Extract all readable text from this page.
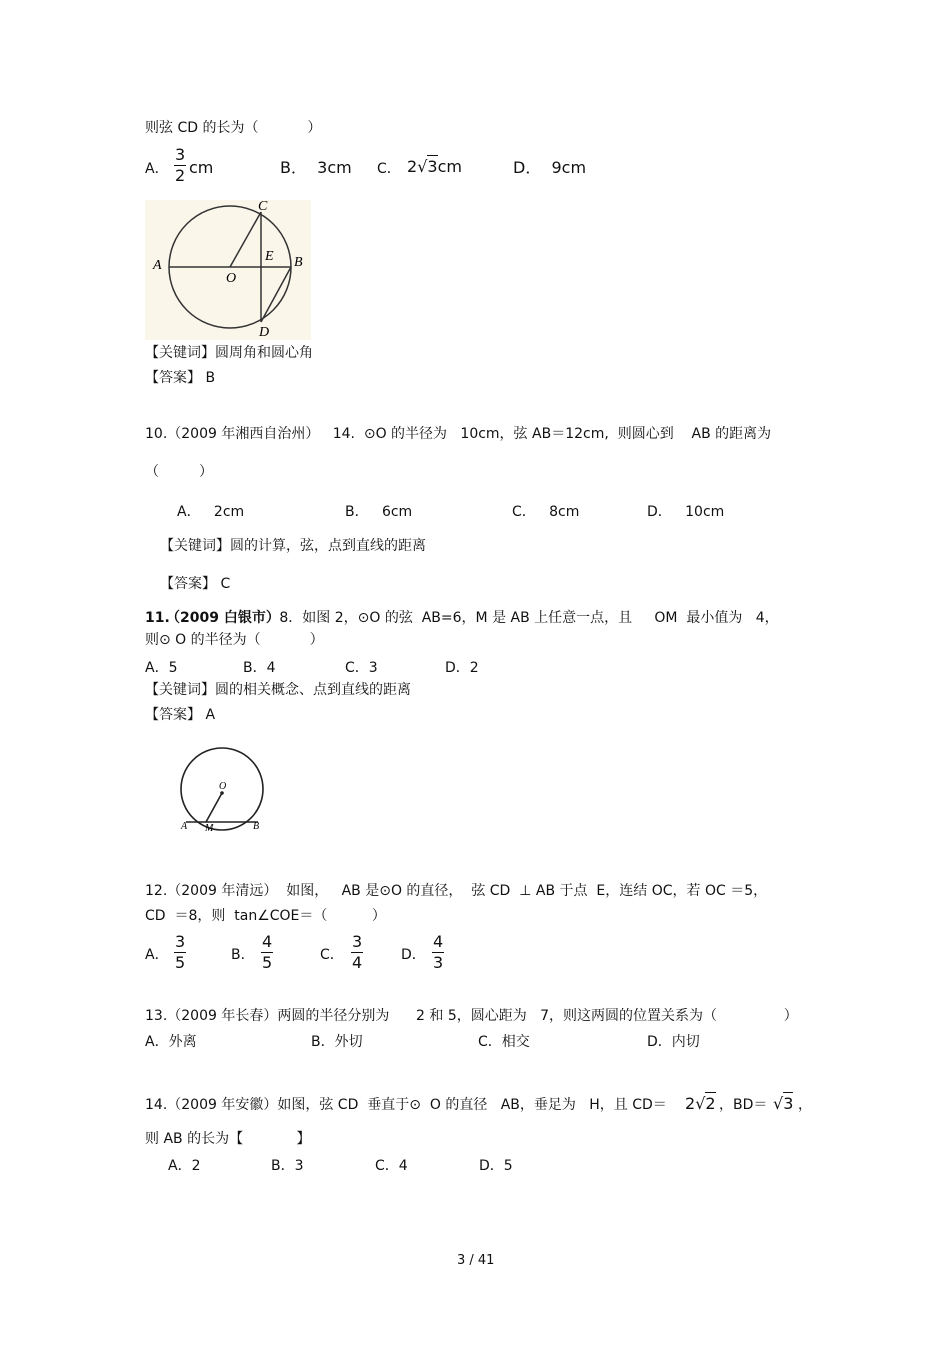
则弦 CD 的长为（           ）
A．
3
2 cm	B．  3cm C． 2√3cm	D．  9cm
C
A
O
E B
D
【关键词】圆周角和圆心角
【答案】 B
10.（2009 年湘西自治州）   14.  ⊙O 的半径为   10cm，弦 AB＝12cm,  则圆心到    AB 的距离为
（         ）
A．   2cm	B．   6cm	C．   8cm	D．   10cm
【关键词】圆的计算，弦，点到直线的距离
【答案】 C
11.
（2009 白银市）
8．如图 2，⊙O 的弦  AB=6，M 是 AB 上任意一点，且     OM  最小值为   4，
则⊙ O 的半径为（           ）
A．5	B．4	C．3	D．2
【关键词】圆的相关概念、点到直线的距离
【答案】 A
O
A M	B
12.（2009 年清远）  如图，   AB 是⊙O 的直径，  弦 CD  ⊥ AB 于点  E，连结 OC，若 OC ＝5，
CD  ＝8，则  tan∠COE＝（          ）
A．
3
5	B．
4
5	C．
3
4	D．
4
3
13.（2009 年长春）两圆的半径分别为      2 和 5，圆心距为   7，则这两圆的位置关系为（               ）
A．外离	B．外切	C．相交	D．内切
14.（2009 年安徽）如图，弦 CD  垂直于⊙  O 的直径   AB，垂足为   H，且 CD＝ 2√2 ，BD＝ √3 ，
则 AB 的长为【            】
A．2	B．3	C．4	D．5
3 / 41
